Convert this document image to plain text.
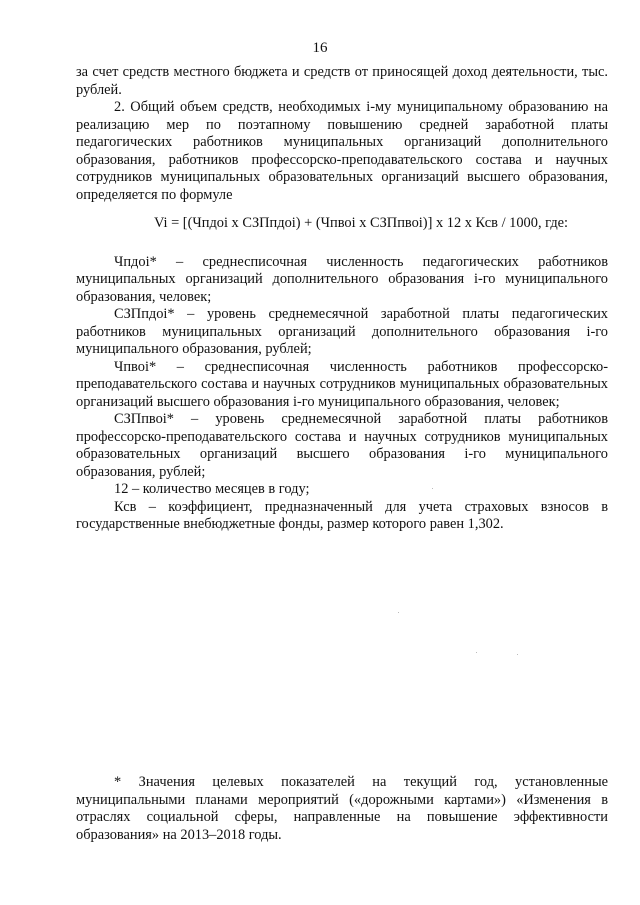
16

за счет средств местного бюджета и средств от приносящей доход деятельности, тыс. рублей.

2. Общий объем средств, необходимых i-му муниципальному образованию на реализацию мер по поэтапному повышению средней заработной платы педагогических работников муниципальных организаций дополнительного образования, работников профессорско-преподавательского состава и научных сотрудников муниципальных образовательных организаций высшего образования, определяется по формуле

Vi = [(Чпдоi x СЗПпдоi) + (Чпвоi x СЗПпвоi)] x 12 x Ксв / 1000, где:

Чпдоi* – среднесписочная численность педагогических работников муниципальных организаций дополнительного образования i-го муниципального образования, человек;

СЗПпдоi* – уровень среднемесячной заработной платы педагогических работников муниципальных организаций дополнительного образования i-го муниципального образования, рублей;

Чпвоi* – среднесписочная численность работников профессорско-преподавательского состава и научных сотрудников муниципальных образовательных организаций высшего образования i-го муниципального образования, человек;

СЗПпвоi* – уровень среднемесячной заработной платы работников профессорско-преподавательского состава и научных сотрудников муниципальных образовательных организаций высшего образования i-го муниципального образования, рублей;

12 – количество месяцев в году;

Ксв – коэффициент, предназначенный для учета страховых взносов в государственные внебюджетные фонды, размер которого равен 1,302.

* Значения целевых показателей на текущий год, установленные муниципальными планами мероприятий («дорожными картами») «Изменения в отраслях социальной сферы, направленные на повышение эффективности образования» на 2013–2018 годы.
